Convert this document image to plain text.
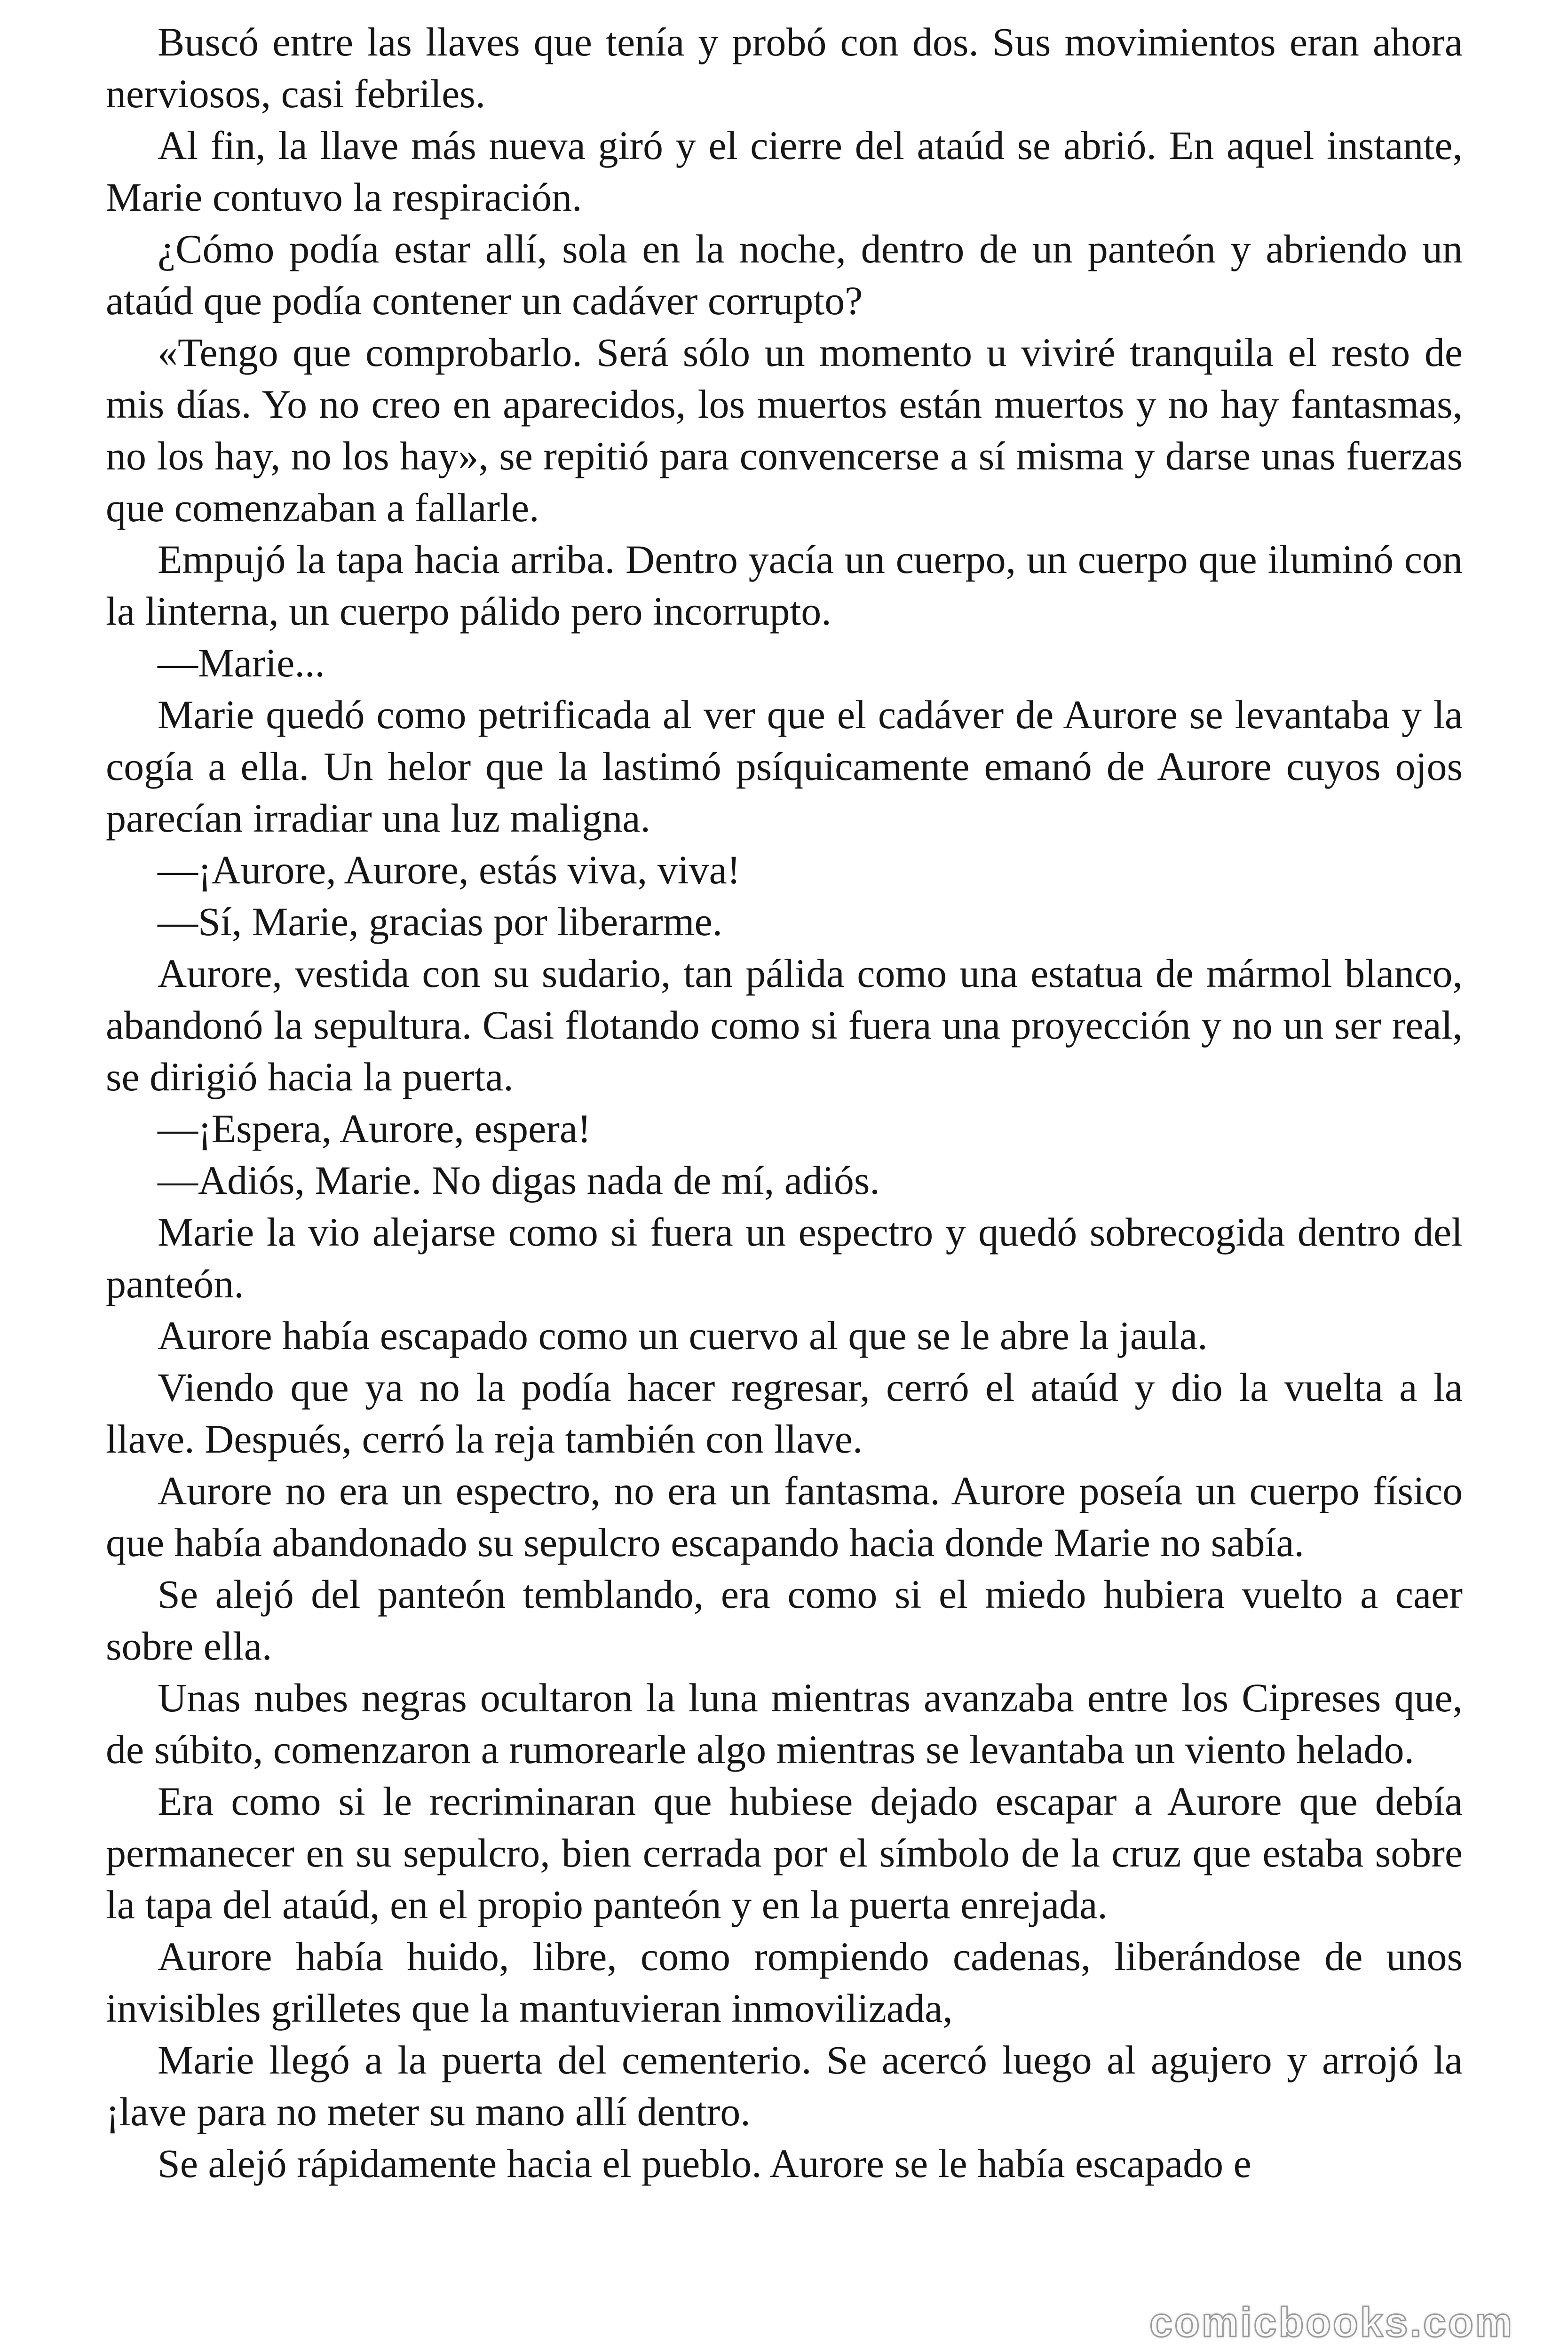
Buscó entre las llaves que tenía y probó con dos. Sus movimientos eran ahora nerviosos, casi febriles.

Al fin, la llave más nueva giró y el cierre del ataúd se abrió. En aquel instante, Marie contuvo la respiración.

¿Cómo podía estar allí, sola en la noche, dentro de un panteón y abriendo un ataúd que podía contener un cadáver corrupto?

«Tengo que comprobarlo. Será sólo un momento u viviré tranquila el resto de mis días. Yo no creo en aparecidos, los muertos están muertos y no hay fantasmas, no los hay, no los hay», se repitió para convencerse a sí misma y darse unas fuerzas que comenzaban a fallarle.

Empujó la tapa hacia arriba. Dentro yacía un cuerpo, un cuerpo que iluminó con la linterna, un cuerpo pálido pero incorrupto.

—Marie...

Marie quedó como petrificada al ver que el cadáver de Aurore se levantaba y la cogía a ella. Un helor que la lastimó psíquicamente emanó de Aurore cuyos ojos parecían irradiar una luz maligna.

—¡Aurore, Aurore, estás viva, viva!

—Sí, Marie, gracias por liberarme.

Aurore, vestida con su sudario, tan pálida como una estatua de mármol blanco, abandonó la sepultura. Casi flotando como si fuera una proyección y no un ser real, se dirigió hacia la puerta.

—¡Espera, Aurore, espera!

—Adiós, Marie. No digas nada de mí, adiós.

Marie la vio alejarse como si fuera un espectro y quedó sobrecogida dentro del panteón.

Aurore había escapado como un cuervo al que se le abre la jaula.

Viendo que ya no la podía hacer regresar, cerró el ataúd y dio la vuelta a la llave. Después, cerró la reja también con llave.

Aurore no era un espectro, no era un fantasma. Aurore poseía un cuerpo físico que había abandonado su sepulcro escapando hacia donde Marie no sabía.

Se alejó del panteón temblando, era como si el miedo hubiera vuelto a caer sobre ella.

Unas nubes negras ocultaron la luna mientras avanzaba entre los Cipreses que, de súbito, comenzaron a rumorearle algo mientras se levantaba un viento helado.

Era como si le recriminaran que hubiese dejado escapar a Aurore que debía permanecer en su sepulcro, bien cerrada por el símbolo de la cruz que estaba sobre la tapa del ataúd, en el propio panteón y en la puerta enrejada.

Aurore había huido, libre, como rompiendo cadenas, liberándose de unos invisibles grilletes que la mantuvieran inmovilizada,

Marie llegó a la puerta del cementerio. Se acercó luego al agujero y arrojó la ¡lave para no meter su mano allí dentro.

Se alejó rápidamente hacia el pueblo. Aurore se le había escapado e

comicbooks.com
